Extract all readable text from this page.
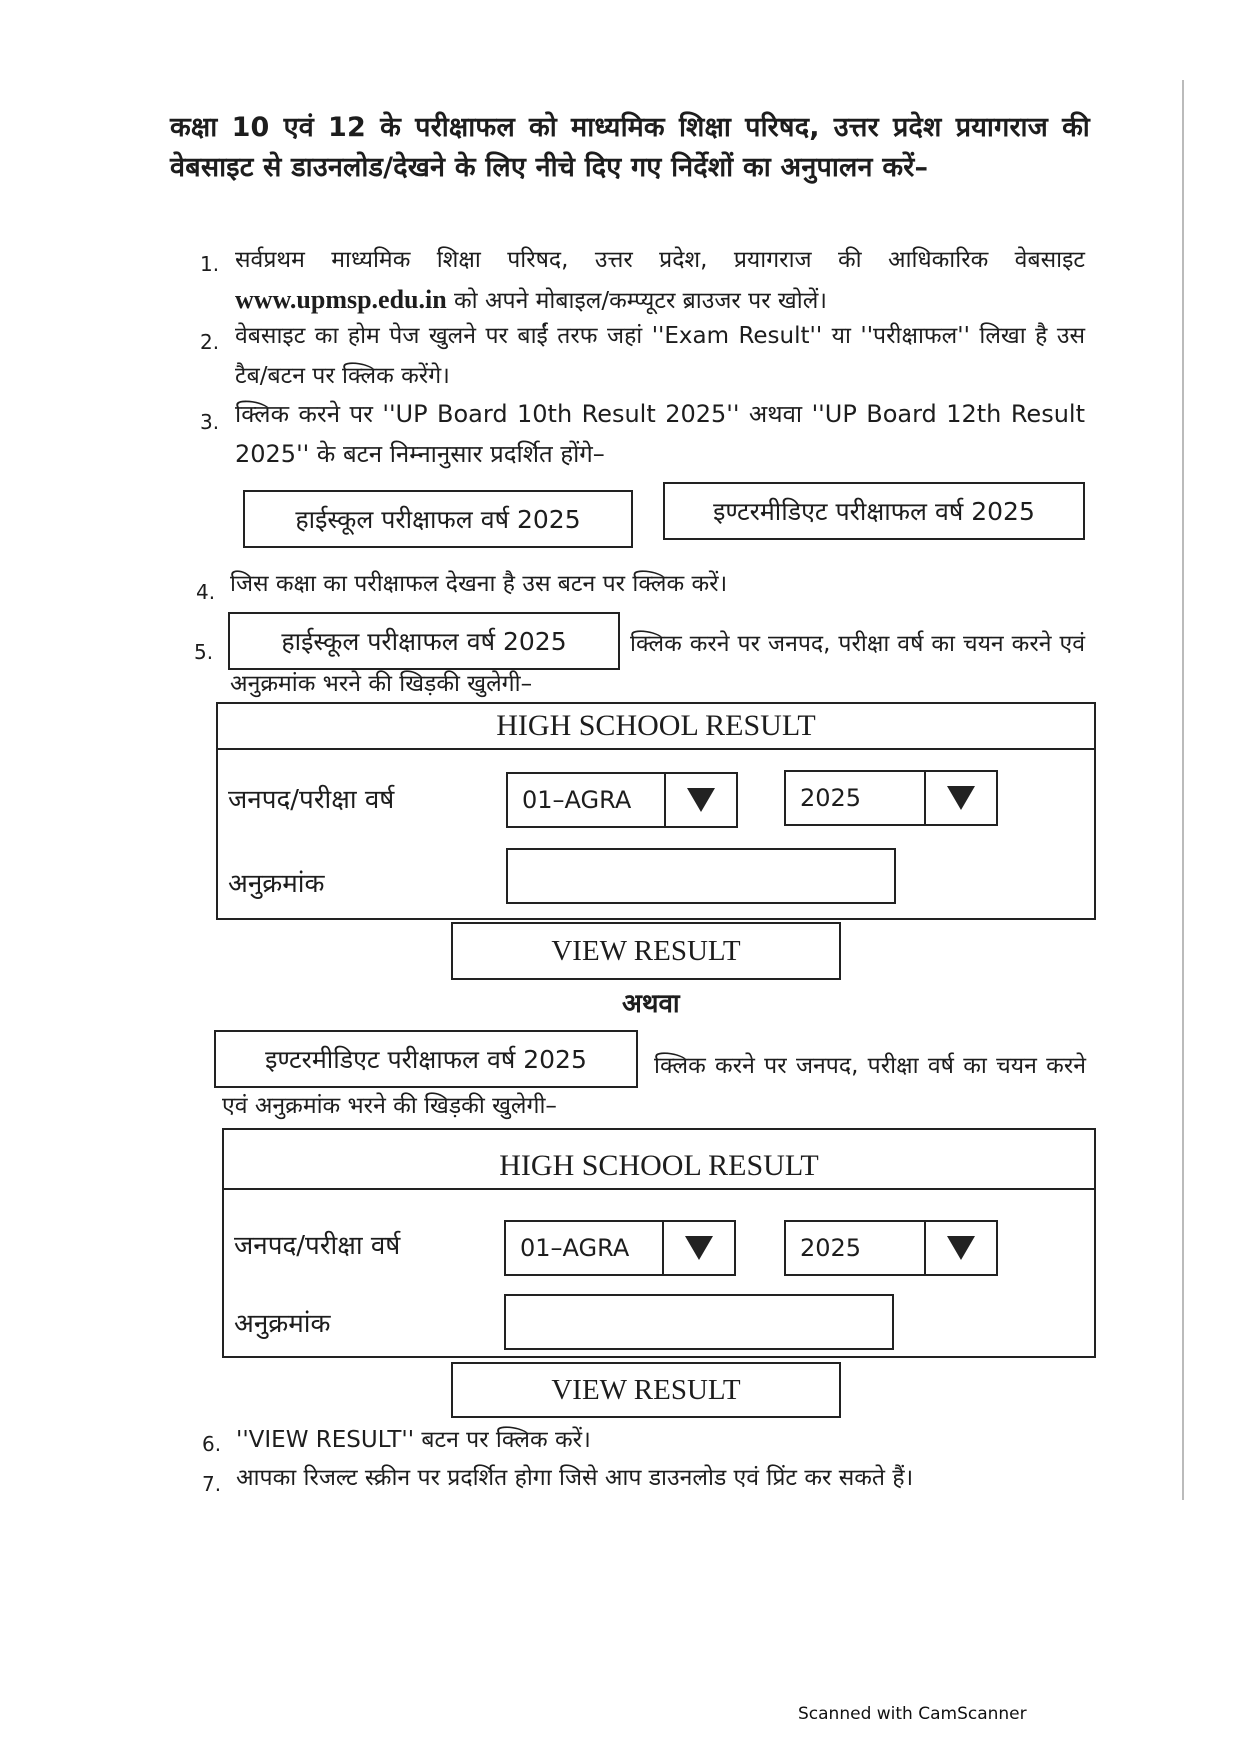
कक्षा 10 एवं 12 के परीक्षाफल को माध्यमिक शिक्षा परिषद, उत्तर प्रदेश प्रयागराज की वेबसाइट से डाउनलोड/देखने के लिए नीचे दिए गए निर्देशों का अनुपालन करें–
1. सर्वप्रथम माध्यमिक शिक्षा परिषद, उत्तर प्रदेश, प्रयागराज की आधिकारिक वेबसाइट www.upmsp.edu.in को अपने मोबाइल/कम्प्यूटर ब्राउजर पर खोलें।
2. वेबसाइट का होम पेज खुलने पर बाईं तरफ जहां ''Exam Result'' या ''परीक्षाफल'' लिखा है उस टैब/बटन पर क्लिक करेंगे।
3. क्लिक करने पर ''UP Board 10th Result 2025'' अथवा ''UP Board 12th Result 2025'' के बटन निम्नानुसार प्रदर्शित होंगे–
हाईस्कूल परीक्षाफल वर्ष 2025	इण्टरमीडिएट परीक्षाफल वर्ष 2025
4. जिस कक्षा का परीक्षाफल देखना है उस बटन पर क्लिक करें।
5.	हाईस्कूल परीक्षाफल वर्ष 2025	क्लिक करने पर जनपद, परीक्षा वर्ष का चयन करने एवं अनुक्रमांक भरने की खिड़की खुलेगी–
HIGH SCHOOL RESULT
जनपद/परीक्षा वर्ष	01–AGRA	2025
अनुक्रमांक
VIEW RESULT
अथवा
इण्टरमीडिएट परीक्षाफल वर्ष 2025	क्लिक करने पर जनपद, परीक्षा वर्ष का चयन करने एवं अनुक्रमांक भरने की खिड़की खुलेगी–
HIGH SCHOOL RESULT
जनपद/परीक्षा वर्ष	01–AGRA	2025
अनुक्रमांक
VIEW RESULT
6. ''VIEW RESULT'' बटन पर क्लिक करें।
7. आपका रिजल्ट स्क्रीन पर प्रदर्शित होगा जिसे आप डाउनलोड एवं प्रिंट कर सकते हैं।
Scanned with CamScanner
